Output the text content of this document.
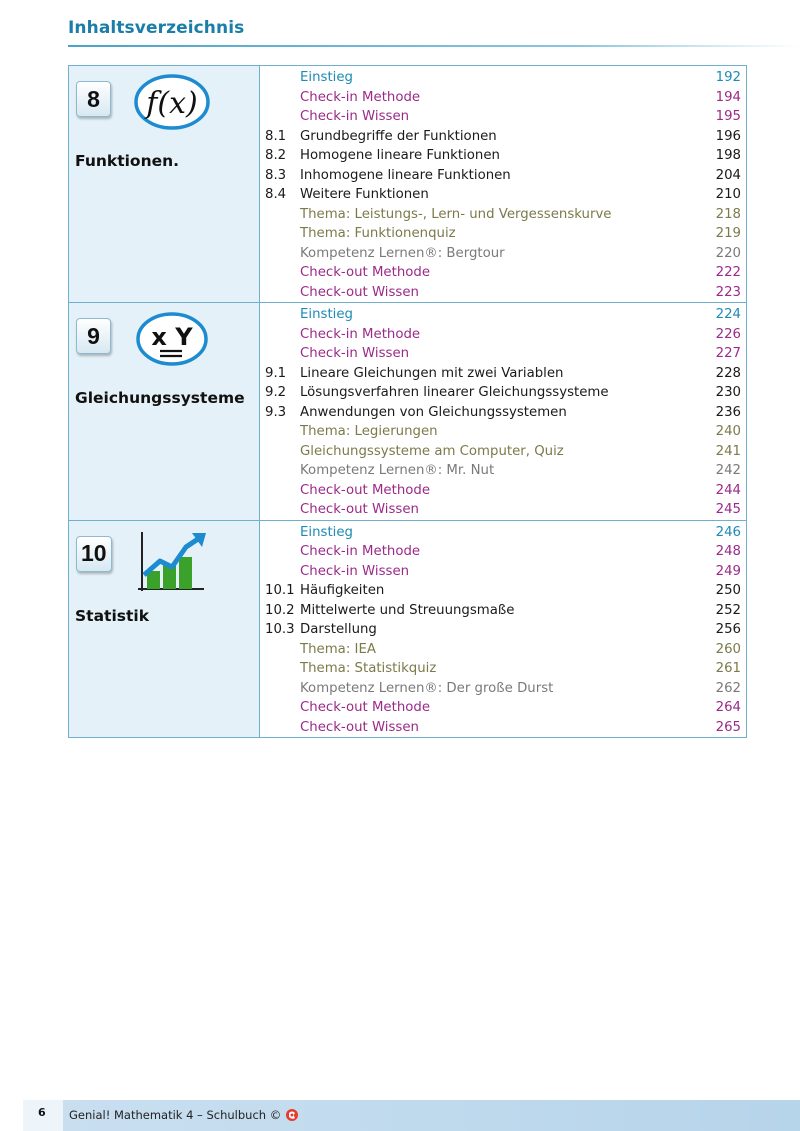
Inhaltsverzeichnis
8	f(x)
Funktionen.
Einstieg	192
Check-in Methode	194
Check-in Wissen	195
8.1	Grundbegriffe der Funktionen	196
8.2	Homogene lineare Funktionen	198
8.3	Inhomogene lineare Funktionen	204
8.4	Weitere Funktionen	210
Thema: Leistungs-, Lern- und Vergessenskurve	218
Thema: Funktionenquiz	219
Kompetenz Lernen®: Bergtour	220
Check-out Methode	222
Check-out Wissen	223
9	x Y
Gleichungssysteme
Einstieg	224
Check-in Methode	226
Check-in Wissen	227
9.1	Lineare Gleichungen mit zwei Variablen	228
9.2	Lösungsverfahren linearer Gleichungssysteme	230
9.3	Anwendungen von Gleichungssystemen	236
Thema: Legierungen	240
Gleichungssysteme am Computer, Quiz	241
Kompetenz Lernen®: Mr. Nut	242
Check-out Methode	244
Check-out Wissen	245
10
Statistik
Einstieg	246
Check-in Methode	248
Check-in Wissen	249
10.1 Häufigkeiten	250
10.2 Mittelwerte und Streuungsmaße	252
10.3 Darstellung	256
Thema: IEA	260
Thema: Statistikquiz	261
Kompetenz Lernen®: Der große Durst	262
Check-out Methode	264
Check-out Wissen	265
6 Genial! Mathematik 4 – Schulbuch ©
